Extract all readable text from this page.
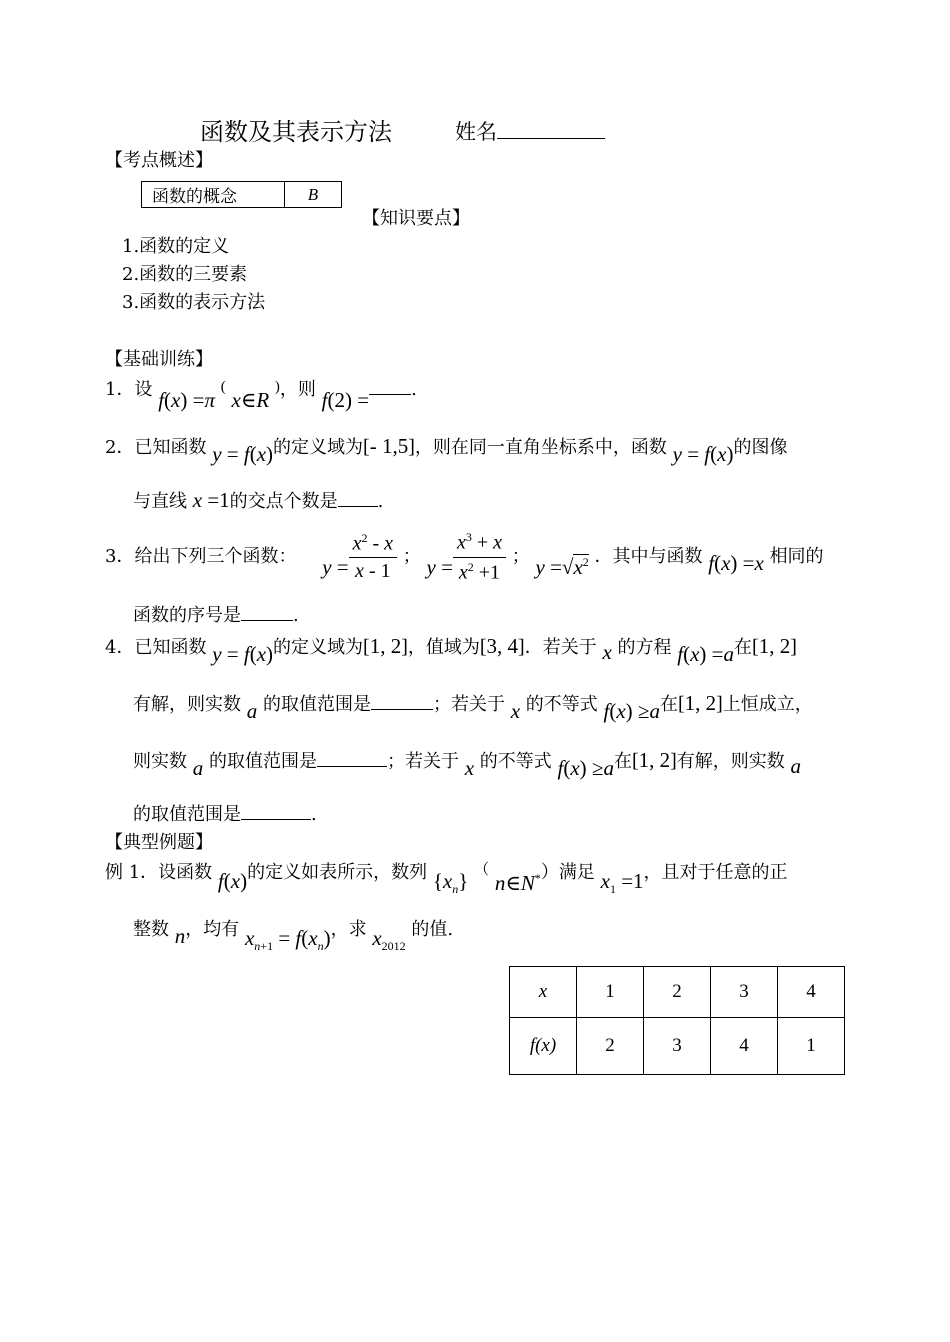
函数及其表示方法	姓名
【考点概述】
函数的概念	B
【知识要点】
1.函数的定义
2.函数的三要素
3.函数的表示方法
【基础训练】
1．设 f(x) =π ( x∈R )，则 f(2) = .
2．已知函数 y = f(x)的定义域为[- 1,5]，则在同一直角坐标系中，函数 y = f(x)的图像
与直线 x =1的交点个数是 .
3．给出下列三个函数： $y = \frac{x^2 - x}{x - 1}$ ； $y = \frac{x^3 + x}{x^2 +1}$ ； $y =√x^2$ ．其中与函数 f(x) =x 相同的
函数的序号是	.
4．已知函数 y = f(x)的定义域为[1, 2]，值域为[3, 4]．若关于 x 的方程 f(x) =a在[1, 2]
有解，则实数 a 的取值范围是	；若关于 x 的不等式 f(x) ≥a在[1, 2]上恒成立，
则实数 a 的取值范围是	；若关于 x 的不等式 f(x) ≥a在[1, 2]有解，则实数 a
的取值范围是	.
【典型例题】
例 1．设函数 f(x)的定义如表所示，数列 $\{x_n\}$ （ n∈N*）满足 $x_1 =1$，且对于任意的正
整数 n，均有 $x_{n+1} = f(x_n)$，求 $x_{2012}$ 的值.
x	1	2	3	4
f(x)	2	3	4	1
